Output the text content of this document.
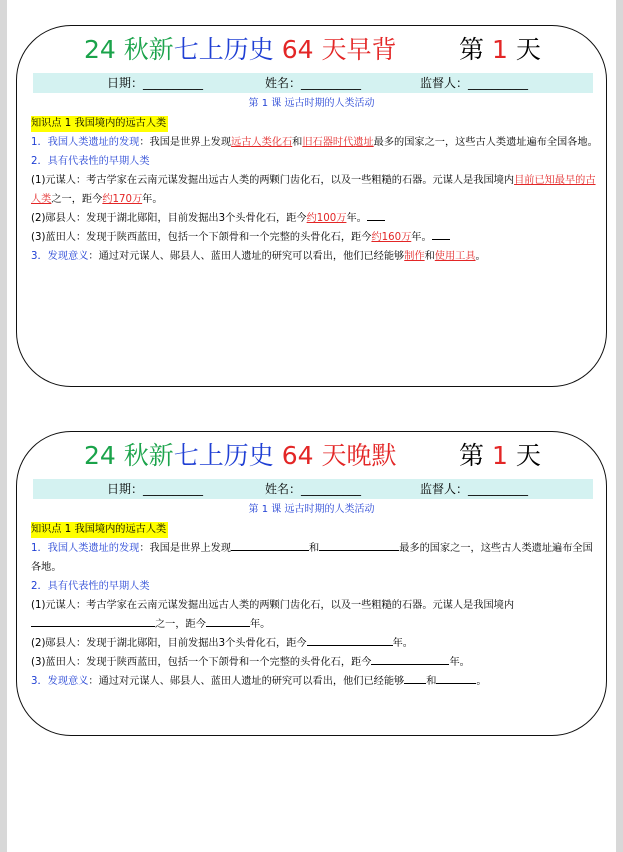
24 秋新七上历史 64 天早背	第 1 天
日期：__________	姓名：__________	监督人：__________
第 1 课 远古时期的人类活动

知识点 1 我国境内的远古人类

1．我国人类遗址的发现：我国是世界上发现远古人类化石和旧石器时代遗址最多的国家之一，这些古人类遗址遍布全国各地。

2．具有代表性的早期人类

(1)元谋人：考古学家在云南元谋发掘出远古人类的两颗门齿化石，以及一些粗糙的石器。元谋人是我国境内目前已知最早的古人类之一，距今约170万年。

(2)郧县人：发现于湖北郧阳，目前发掘出3个头骨化石，距今约100万年。

(3)蓝田人：发现于陕西蓝田，包括一个下颌骨和一个完整的头骨化石，距今约160万年。

3．发现意义：通过对元谋人、郧县人、蓝田人遗址的研究可以看出，他们已经能够制作和使用工具。

24 秋新七上历史 64 天晚默	第 1 天
日期：__________	姓名：__________	监督人：__________
第 1 课 远古时期的人类活动

知识点 1 我国境内的远古人类

1．我国人类遗址的发现：我国是世界上发现	和	最多的国家之一，这些古人类遗址遍布全国各地。

2．具有代表性的早期人类

(1)元谋人：考古学家在云南元谋发掘出远古人类的两颗门齿化石，以及一些粗糙的石器。元谋人是我国境内之一，距今	年。

(2)郧县人：发现于湖北郧阳，目前发掘出3个头骨化石，距今	年。

(3)蓝田人：发现于陕西蓝田，包括一个下颌骨和一个完整的头骨化石，距今	年。

3．发现意义：通过对元谋人、郧县人、蓝田人遗址的研究可以看出，他们已经能够 和	。
